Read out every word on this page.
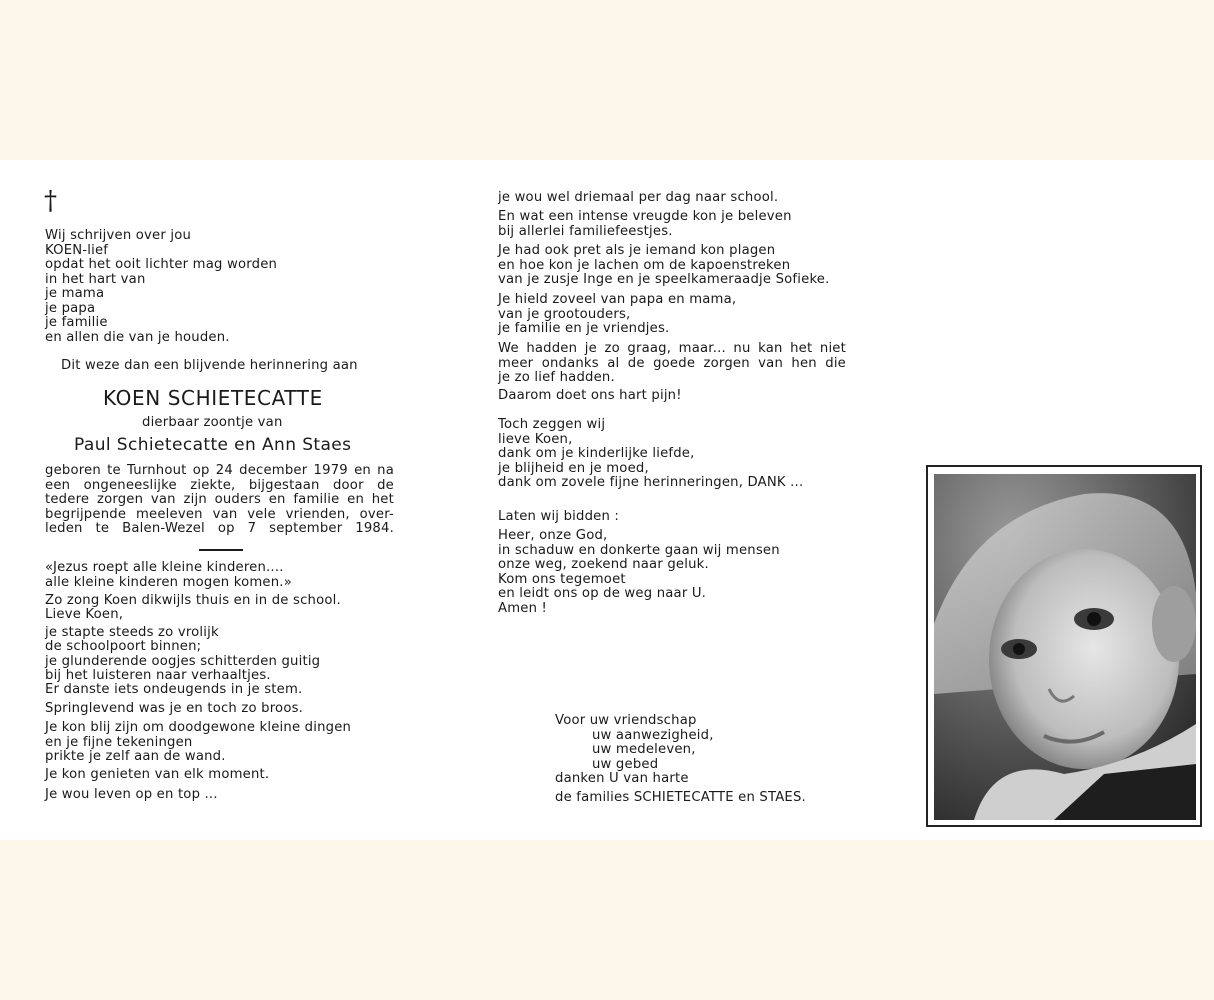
†
Wij schrijven over jou
KOEN-lief
opdat het ooit lichter mag worden
in het hart van
je mama
je papa
je familie
en allen die van je houden.
Dit weze dan een blijvende herinnering aan
KOEN SCHIETECATTE
dierbaar zoontje van
Paul Schietecatte en Ann Staes
geboren te Turnhout op 24 december 1979 en na
een ongeneeslijke ziekte, bijgestaan door de
tedere zorgen van zijn ouders en familie en het
begrijpende meeleven van vele vrienden, over-
leden te Balen-Wezel op 7 september 1984.
«Jezus roept alle kleine kinderen....
alle kleine kinderen mogen komen.»
Zo zong Koen dikwijls thuis en in de school.
Lieve Koen,
je stapte steeds zo vrolijk
de schoolpoort binnen;
je glunderende oogjes schitterden guitig
bij het luisteren naar verhaaltjes.
Er danste iets ondeugends in je stem.
Springlevend was je en toch zo broos.
Je kon blij zijn om doodgewone kleine dingen
en je fijne tekeningen
prikte je zelf aan de wand.
Je kon genieten van elk moment.
Je wou leven op en top ...
je wou wel driemaal per dag naar school.
En wat een intense vreugde kon je beleven
bij allerlei familiefeestjes.
Je had ook pret als je iemand kon plagen
en hoe kon je lachen om de kapoenstreken
van je zusje Inge en je speelkameraadje Sofieke.
Je hield zoveel van papa en mama,
van je grootouders,
je familie en je vriendjes.
We hadden je zo graag, maar... nu kan het niet
meer ondanks al de goede zorgen van hen die
je zo lief hadden.
Daarom doet ons hart pijn!
Toch zeggen wij
lieve Koen,
dank om je kinderlijke liefde,
je blijheid en je moed,
dank om zovele fijne herinneringen, DANK ...
Laten wij bidden :
Heer, onze God,
in schaduw en donkerte gaan wij mensen
onze weg, zoekend naar geluk.
Kom ons tegemoet
en leidt ons op de weg naar U.
Amen !
Voor uw vriendschap
uw aanwezigheid,
uw medeleven,
uw gebed
danken U van harte
de families SCHIETECATTE en STAES.
